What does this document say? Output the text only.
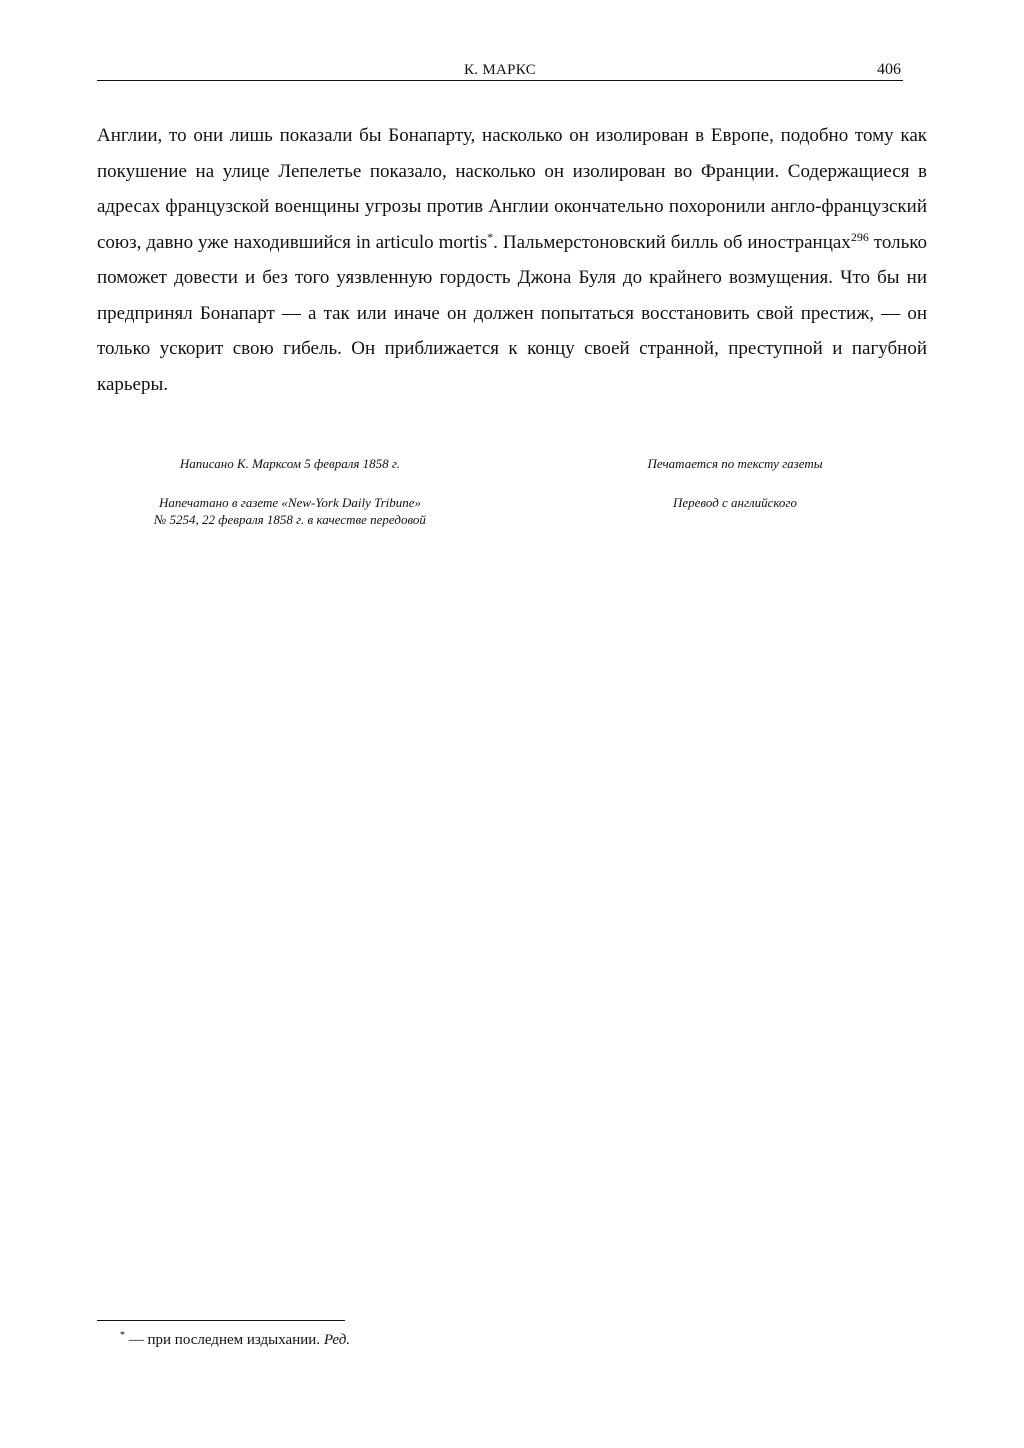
К. МАРКС	406

Англии, то они лишь показали бы Бонапарту, насколько он изолирован в Европе, подобно тому как покушение на улице Лепелетье показало, насколько он изолирован во Франции. Содержащиеся в адресах французской военщины угрозы против Англии окончательно похоронили англо-французский союз, давно уже находившийся in articulo mortis*. Пальмерстоновский билль об иностранцах$^{296}$ только поможет довести и без того уязвленную гордость Джона Буля до крайнего возмущения. Что бы ни предпринял Бонапарт — а так или иначе он должен попытаться восстановить свой престиж, — он только ускорит свою гибель. Он приближается к концу своей странной, преступной и пагубной карьеры.

Написано К. Марксом 5 февраля 1858 г.
Напечатано в газете «New-York Daily Tribune»
№ 5254, 22 февраля 1858 г. в качестве передовой
Печатается по тексту газеты
Перевод с английского
* — при последнем издыхании. Ред.
